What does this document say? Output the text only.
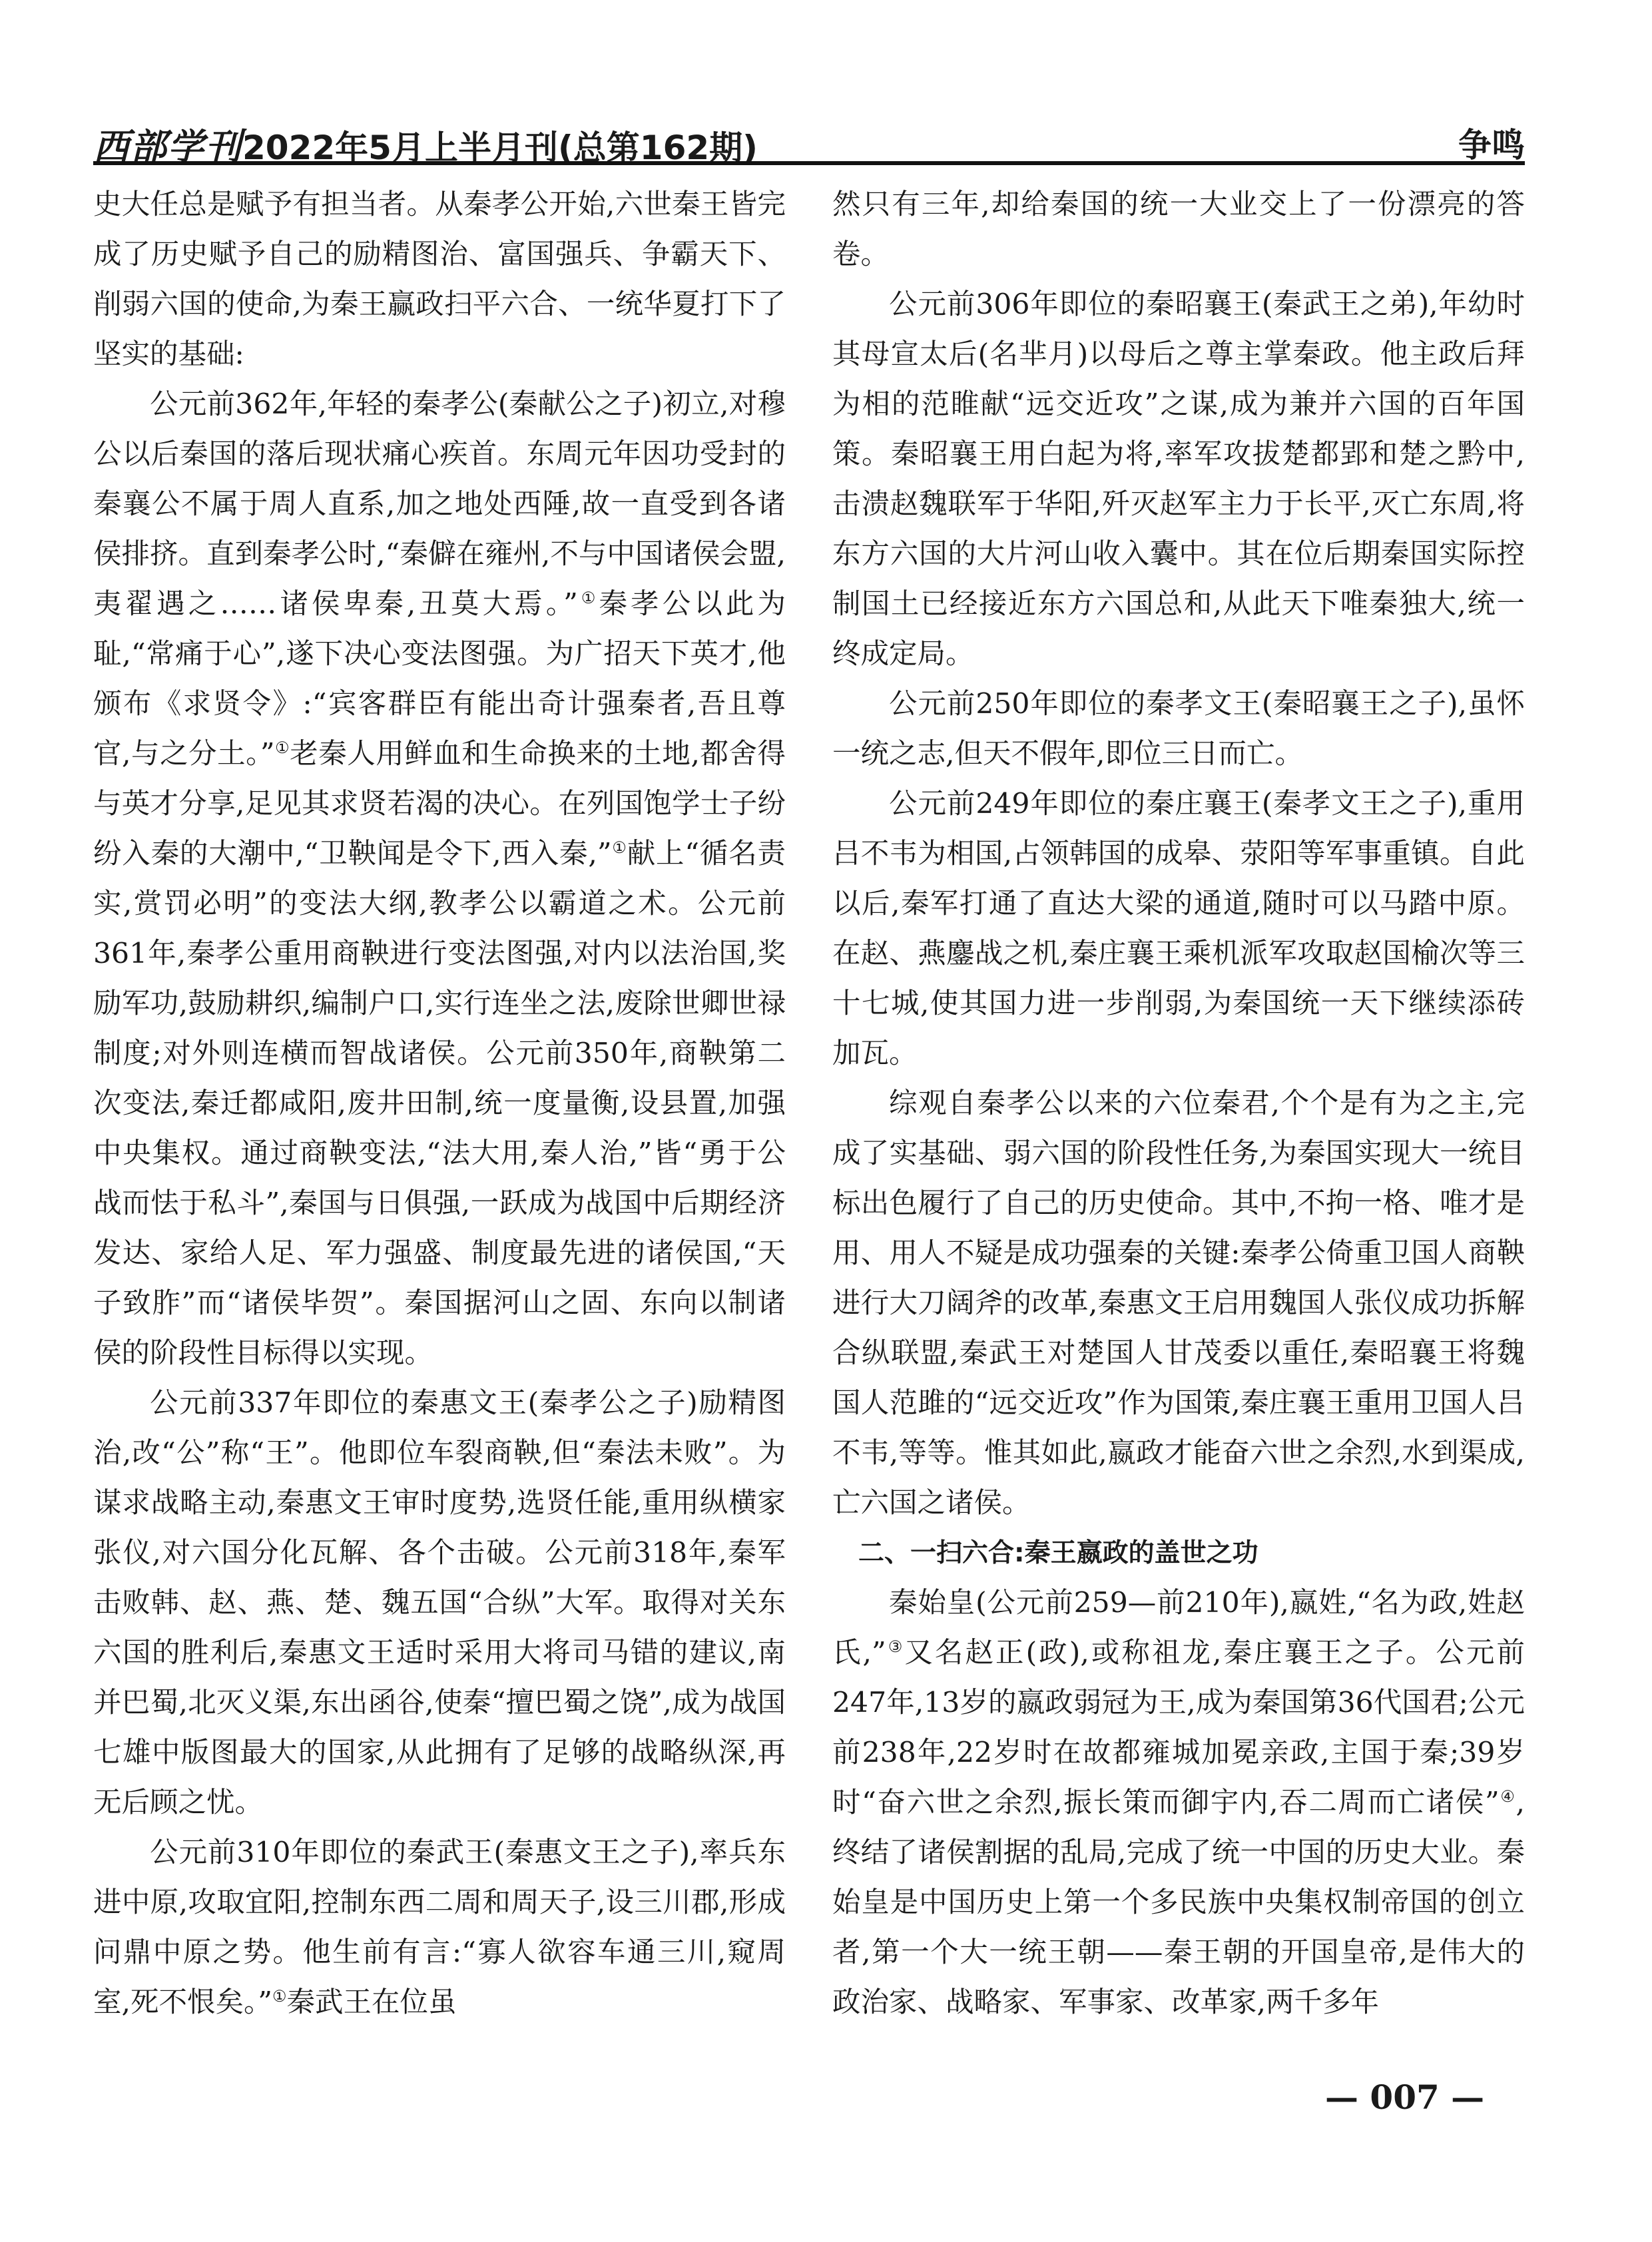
西部学刊 2022年5月上半月刊(总第162期)	争鸣

史大任总是赋予有担当者。从秦孝公开始,六世秦王皆完成了历史赋予自己的励精图治、富国强兵、争霸天下、削弱六国的使命,为秦王赢政扫平六合、一统华夏打下了坚实的基础:

公元前362年,年轻的秦孝公(秦献公之子)初立,对穆公以后秦国的落后现状痛心疾首。东周元年因功受封的秦襄公不属于周人直系,加之地处西陲,故一直受到各诸侯排挤。直到秦孝公时,“秦僻在雍州,不与中国诸侯会盟,夷翟遇之……诸侯卑秦,丑莫大焉。”①秦孝公以此为耻,“常痛于心”,遂下决心变法图强。为广招天下英才,他颁布《求贤令》:“宾客群臣有能出奇计强秦者,吾且尊官,与之分土。”①老秦人用鲜血和生命换来的土地,都舍得与英才分享,足见其求贤若渴的决心。在列国饱学士子纷纷入秦的大潮中,“卫鞅闻是令下,西入秦,”①献上“循名责实,赏罚必明”的变法大纲,教孝公以霸道之术。公元前361年,秦孝公重用商鞅进行变法图强,对内以法治国,奖励军功,鼓励耕织,编制户口,实行连坐之法,废除世卿世禄制度;对外则连横而智战诸侯。公元前350年,商鞅第二次变法,秦迁都咸阳,废井田制,统一度量衡,设县置,加强中央集权。通过商鞅变法,“法大用,秦人治,”皆“勇于公战而怯于私斗”,秦国与日俱强,一跃成为战国中后期经济发达、家给人足、军力强盛、制度最先进的诸侯国,“天子致胙”而“诸侯毕贺”。秦国据河山之固、东向以制诸侯的阶段性目标得以实现。

公元前337年即位的秦惠文王(秦孝公之子)励精图治,改“公”称“王”。他即位车裂商鞅,但“秦法未败”。为谋求战略主动,秦惠文王审时度势,选贤任能,重用纵横家张仪,对六国分化瓦解、各个击破。公元前318年,秦军击败韩、赵、燕、楚、魏五国“合纵”大军。取得对关东六国的胜利后,秦惠文王适时采用大将司马错的建议,南并巴蜀,北灭义渠,东出函谷,使秦“擅巴蜀之饶”,成为战国七雄中版图最大的国家,从此拥有了足够的战略纵深,再无后顾之忧。

公元前310年即位的秦武王(秦惠文王之子),率兵东进中原,攻取宜阳,控制东西二周和周天子,设三川郡,形成问鼎中原之势。他生前有言:“寡人欲容车通三川,窥周室,死不恨矣。”①秦武王在位虽

然只有三年,却给秦国的统一大业交上了一份漂亮的答卷。

公元前306年即位的秦昭襄王(秦武王之弟),年幼时其母宣太后(名芈月)以母后之尊主掌秦政。他主政后拜为相的范睢献“远交近攻”之谋,成为兼并六国的百年国策。秦昭襄王用白起为将,率军攻拔楚都郢和楚之黔中,击溃赵魏联军于华阳,歼灭赵军主力于长平,灭亡东周,将东方六国的大片河山收入囊中。其在位后期秦国实际控制国土已经接近东方六国总和,从此天下唯秦独大,统一终成定局。

公元前250年即位的秦孝文王(秦昭襄王之子),虽怀一统之志,但天不假年,即位三日而亡。

公元前249年即位的秦庄襄王(秦孝文王之子),重用吕不韦为相国,占领韩国的成皋、荥阳等军事重镇。自此以后,秦军打通了直达大梁的通道,随时可以马踏中原。在赵、燕鏖战之机,秦庄襄王乘机派军攻取赵国榆次等三十七城,使其国力进一步削弱,为秦国统一天下继续添砖加瓦。

综观自秦孝公以来的六位秦君,个个是有为之主,完成了实基础、弱六国的阶段性任务,为秦国实现大一统目标出色履行了自己的历史使命。其中,不拘一格、唯才是用、用人不疑是成功强秦的关键:秦孝公倚重卫国人商鞅进行大刀阔斧的改革,秦惠文王启用魏国人张仪成功拆解合纵联盟,秦武王对楚国人甘茂委以重任,秦昭襄王将魏国人范雎的“远交近攻”作为国策,秦庄襄王重用卫国人吕不韦,等等。惟其如此,嬴政才能奋六世之余烈,水到渠成,亡六国之诸侯。

二、一扫六合:秦王嬴政的盖世之功

秦始皇(公元前259—前210年),嬴姓,“名为政,姓赵氏,”③又名赵正(政),或称祖龙,秦庄襄王之子。公元前247年,13岁的嬴政弱冠为王,成为秦国第36代国君;公元前238年,22岁时在故都雍城加冕亲政,主国于秦;39岁时“奋六世之余烈,振长策而御宇内,吞二周而亡诸侯”④,终结了诸侯割据的乱局,完成了统一中国的历史大业。秦始皇是中国历史上第一个多民族中央集权制帝国的创立者,第一个大一统王朝——秦王朝的开国皇帝,是伟大的政治家、战略家、军事家、改革家,两千多年

— 007 —
